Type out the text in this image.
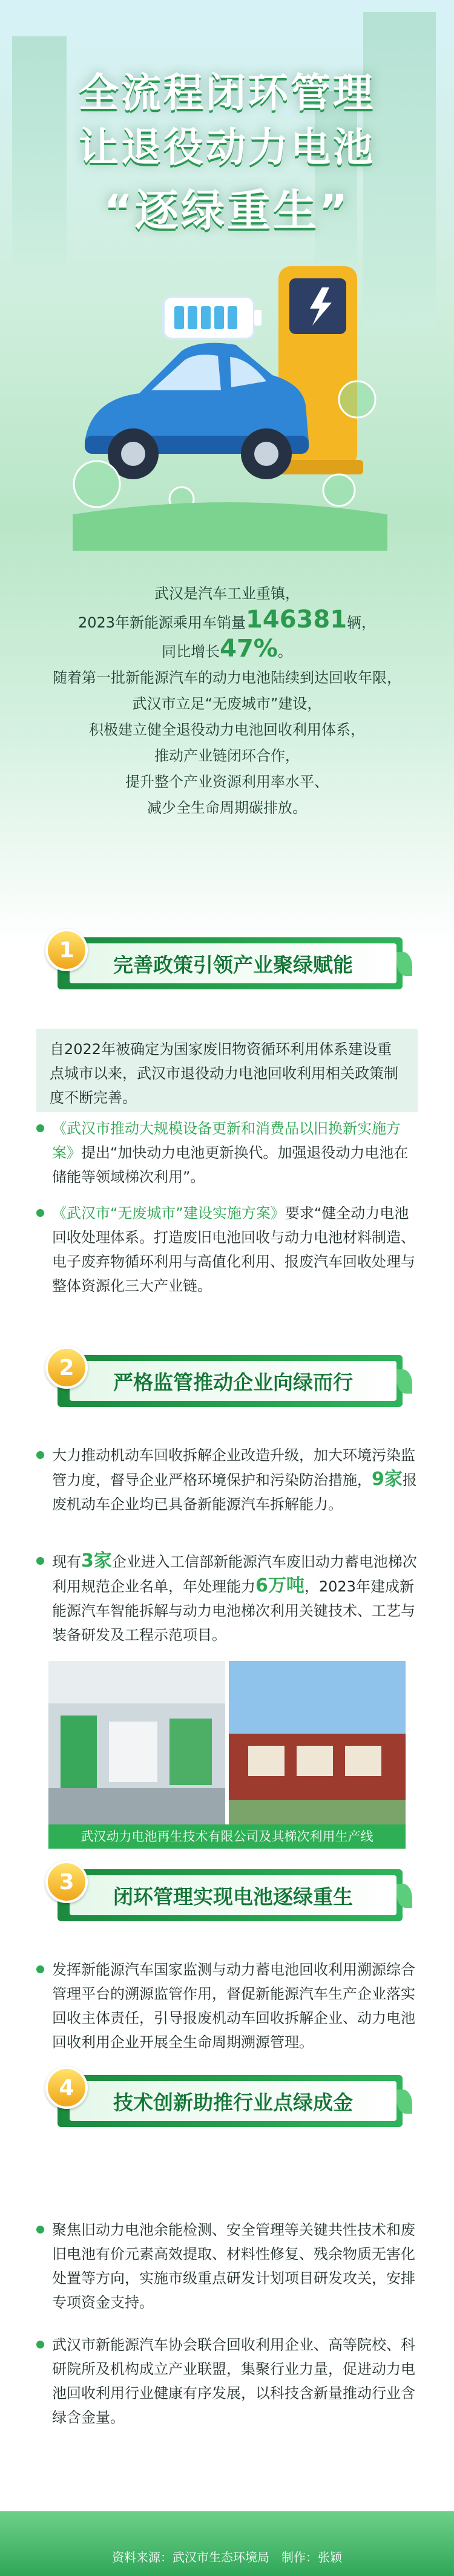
全流程闭环管理
让退役动力电池
“逐绿重生”

武汉是汽车工业重镇，

2023年新能源乘用车销量146381辆，

同比增长47%。

随着第一批新能源汽车的动力电池陆续到达回收年限，

武汉市立足“无废城市”建设，

积极建立健全退役动力电池回收利用体系，

推动产业链闭环合作，

提升整个产业资源利用率水平、

减少全生命周期碳排放。

完善政策引领产业聚绿赋能
1
自2022年被确定为国家废旧物资循环利用体系建设重点城市以来，武汉市退役动力电池回收利用相关政策制度不断完善。
《武汉市推动大规模设备更新和消费品以旧换新实施方案》提出“加快动力电池更新换代。加强退役动力电池在储能等领域梯次利用”。
《武汉市“无废城市”建设实施方案》要求“健全动力电池回收处理体系。打造废旧电池回收与动力电池材料制造、电子废弃物循环利用与高值化利用、报废汽车回收处理与整体资源化三大产业链。
严格监管推动企业向绿而行
2
大力推动机动车回收拆解企业改造升级，加大环境污染监管力度，督导企业严格环境保护和污染防治措施，9家报废机动车企业均已具备新能源汽车拆解能力。
现有3家企业进入工信部新能源汽车废旧动力蓄电池梯次利用规范企业名单，年处理能力6万吨，2023年建成新能源汽车智能拆解与动力电池梯次利用关键技术、工艺与装备研发及工程示范项目。
武汉动力电池再生技术有限公司及其梯次利用生产线
闭环管理实现电池逐绿重生
3
发挥新能源汽车国家监测与动力蓄电池回收利用溯源综合管理平台的溯源监管作用，督促新能源汽车生产企业落实回收主体责任，引导报废机动车回收拆解企业、动力电池回收利用企业开展全生命周期溯源管理。
技术创新助推行业点绿成金
4
聚焦旧动力电池余能检测、安全管理等关键共性技术和废旧电池有价元素高效提取、材料性修复、残余物质无害化处置等方向，实施市级重点研发计划项目研发攻关，安排专项资金支持。
武汉市新能源汽车协会联合回收利用企业、高等院校、科研院所及机构成立产业联盟，集聚行业力量，促进动力电池回收利用行业健康有序发展，以科技含新量推动行业含绿含金量。
资料来源：武汉市生态环境局　制作：张颖
